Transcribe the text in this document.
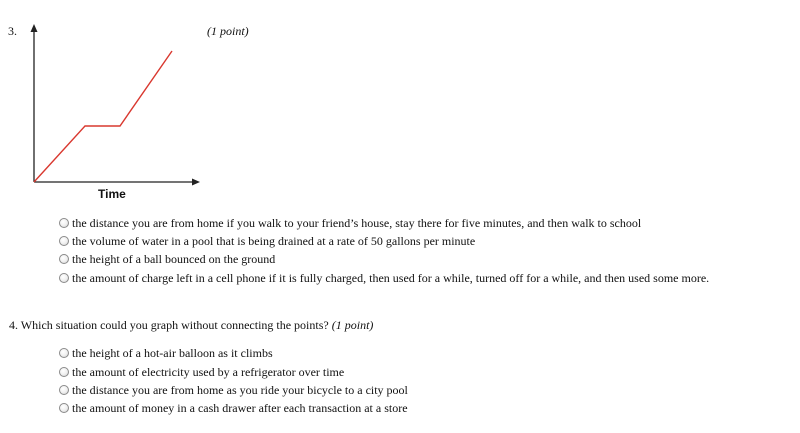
3.	(1 point)
Time
the distance you are from home if you walk to your friend’s house, stay there for five minutes, and then walk to school
the volume of water in a pool that is being drained at a rate of 50 gallons per minute
the height of a ball bounced on the ground
the amount of charge left in a cell phone if it is fully charged, then used for a while, turned off for a while, and then used some more.
4. Which situation could you graph without connecting the points? (1 point)
the height of a hot-air balloon as it climbs
the amount of electricity used by a refrigerator over time
the distance you are from home as you ride your bicycle to a city pool
the amount of money in a cash drawer after each transaction at a store
